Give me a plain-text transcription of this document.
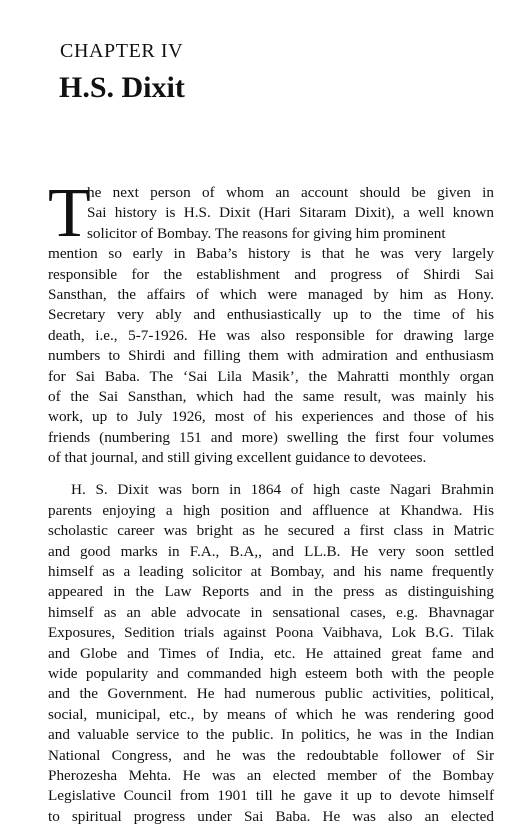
CHAPTER IV
H.S. Dixit
T
he next person of whom an account should be given in
Sai history is H.S. Dixit (Hari Sitaram Dixit), a well known
solicitor of Bombay. The reasons for giving him prominent
mention so early in Baba’s history is that he was very largely
responsible for the establishment and progress of Shirdi Sai
Sansthan, the affairs of which were managed by him as Hony.
Secretary very ably and enthusiastically up to the time of his
death, i.e., 5-7-1926. He was also responsible for drawing large
numbers to Shirdi and filling them with admiration and enthusiasm
for Sai Baba. The ‘Sai Lila Masik’, the Mahratti monthly organ
of the Sai Sansthan, which had the same result, was mainly his
work, up to July 1926, most of his experiences and those of his
friends (numbering 151 and more) swelling the first four volumes
of that journal, and still giving excellent guidance to devotees.
H. S. Dixit was born in 1864 of high caste Nagari Brahmin
parents enjoying a high position and affluence at Khandwa. His
scholastic career was bright as he secured a first class in Matric
and good marks in F.A., B.A,, and LL.B. He very soon settled
himself as a leading solicitor at Bombay, and his name frequently
appeared in the Law Reports and in the press as distinguishing
himself as an able advocate in sensational cases, e.g. Bhavnagar
Exposures, Sedition trials against Poona Vaibhava, Lok B.G. Tilak
and Globe and Times of India, etc. He attained great fame and
wide popularity and commanded high esteem both with the people
and the Government. He had numerous public activities, political,
social, municipal, etc., by means of which he was rendering good
and valuable service to the public. In politics, he was in the Indian
National Congress, and he was the redoubtable follower of Sir
Pherozesha Mehta. He was an elected member of the Bombay
Legislative Council from 1901 till he gave it up to devote himself
to spiritual progress under Sai Baba. He was also an elected
